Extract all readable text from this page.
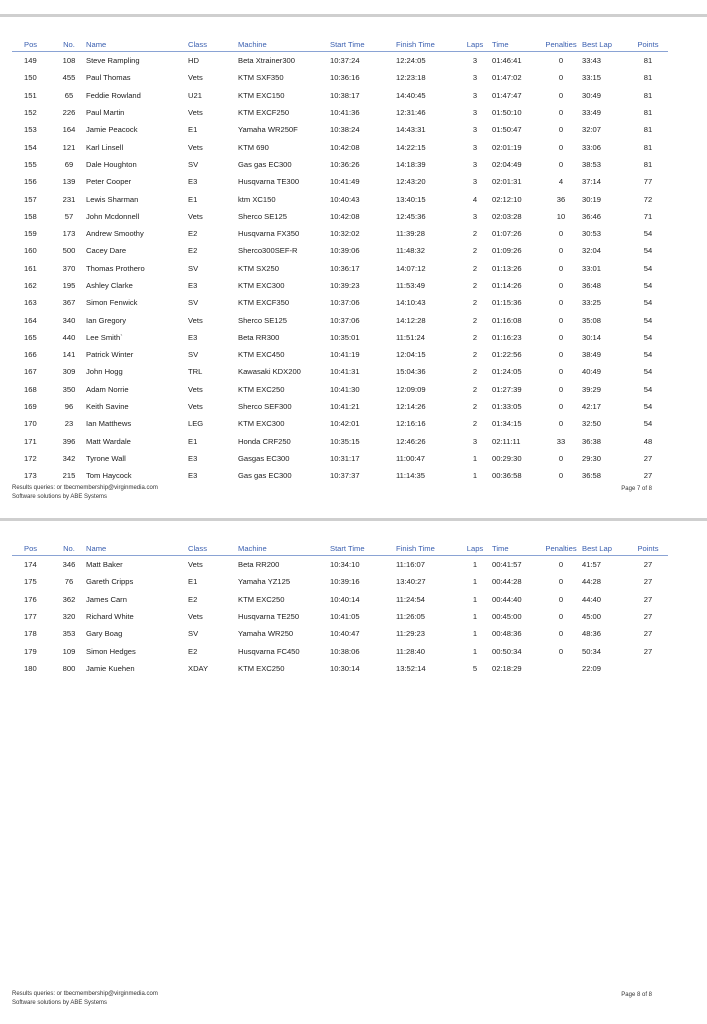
Pos	No.	Name	Class	Machine	Start Time	Finish Time	Laps	Time	Penalties	Best Lap	Points
149	108	Steve Rampling	HD	Beta Xtrainer300	10:37:24	12:24:05	3	01:46:41	0	33:43	81
150	455	Paul Thomas	Vets	KTM SXF350	10:36:16	12:23:18	3	01:47:02	0	33:15	81
151	65	Feddie Rowland	U21	KTM EXC150	10:38:17	14:40:45	3	01:47:47	0	30:49	81
152	226	Paul Martin	Vets	KTM EXCF250	10:41:36	12:31:46	3	01:50:10	0	33:49	81
153	164	Jamie Peacock	E1	Yamaha WR250F	10:38:24	14:43:31	3	01:50:47	0	32:07	81
154	121	Karl Linsell	Vets	KTM 690	10:42:08	14:22:15	3	02:01:19	0	33:06	81
155	69	Dale Houghton	SV	Gas gas EC300	10:36:26	14:18:39	3	02:04:49	0	38:53	81
156	139	Peter Cooper	E3	Husqvarna TE300	10:41:49	12:43:20	3	02:01:31	4	37:14	77
157	231	Lewis Sharman	E1	ktm XC150	10:40:43	13:40:15	4	02:12:10	36	30:19	72
158	57	John Mcdonnell	Vets	Sherco SE125	10:42:08	12:45:36	3	02:03:28	10	36:46	71
159	173	Andrew Smoothy	E2	Husqvarna FX350	10:32:02	11:39:28	2	01:07:26	0	30:53	54
160	500	Cacey Dare	E2	Sherco300SEF-R	10:39:06	11:48:32	2	01:09:26	0	32:04	54
161	370	Thomas Prothero	SV	KTM SX250	10:36:17	14:07:12	2	01:13:26	0	33:01	54
162	195	Ashley Clarke	E3	KTM EXC300	10:39:23	11:53:49	2	01:14:26	0	36:48	54
163	367	Simon Fenwick	SV	KTM EXCF350	10:37:06	14:10:43	2	01:15:36	0	33:25	54
164	340	Ian Gregory	Vets	Sherco SE125	10:37:06	14:12:28	2	01:16:08	0	35:08	54
165	440	Lee Smith`	E3	Beta RR300	10:35:01	11:51:24	2	01:16:23	0	30:14	54
166	141	Patrick Winter	SV	KTM EXC450	10:41:19	12:04:15	2	01:22:56	0	38:49	54
167	309	John Hogg	TRL	Kawasaki KDX200	10:41:31	15:04:36	2	01:24:05	0	40:49	54
168	350	Adam Norrie	Vets	KTM EXC250	10:41:30	12:09:09	2	01:27:39	0	39:29	54
169	96	Keith Savine	Vets	Sherco SEF300	10:41:21	12:14:26	2	01:33:05	0	42:17	54
170	23	Ian Matthews	LEG	KTM EXC300	10:42:01	12:16:16	2	01:34:15	0	32:50	54
171	396	Matt Wardale	E1	Honda CRF250	10:35:15	12:46:26	3	02:11:11	33	36:38	48
172	342	Tyrone Wall	E3	Gasgas EC300	10:31:17	11:00:47	1	00:29:30	0	29:30	27
173	215	Tom Haycock	E3	Gas gas EC300	10:37:37	11:14:35	1	00:36:58	0	36:58	27
Results queries: or tbecmembership@virginmedia.com
Software solutions by ABE Systems
Page 7 of 8
Pos	No.	Name	Class	Machine	Start Time	Finish Time	Laps	Time	Penalties	Best Lap	Points
174	346	Matt Baker	Vets	Beta RR200	10:34:10	11:16:07	1	00:41:57	0	41:57	27
175	76	Gareth Cripps	E1	Yamaha YZ125	10:39:16	13:40:27	1	00:44:28	0	44:28	27
176	362	James Carn	E2	KTM EXC250	10:40:14	11:24:54	1	00:44:40	0	44:40	27
177	320	Richard White	Vets	Husqvarna TE250	10:41:05	11:26:05	1	00:45:00	0	45:00	27
178	353	Gary Boag	SV	Yamaha WR250	10:40:47	11:29:23	1	00:48:36	0	48:36	27
179	109	Simon Hedges	E2	Husqvarna FC450	10:38:06	11:28:40	1	00:50:34	0	50:34	27
180	800	Jamie Kuehen	XDAY	KTM EXC250	10:30:14	13:52:14	5	02:18:29		22:09	
Results queries: or tbecmembership@virginmedia.com
Software solutions by ABE Systems
Page 8 of 8
